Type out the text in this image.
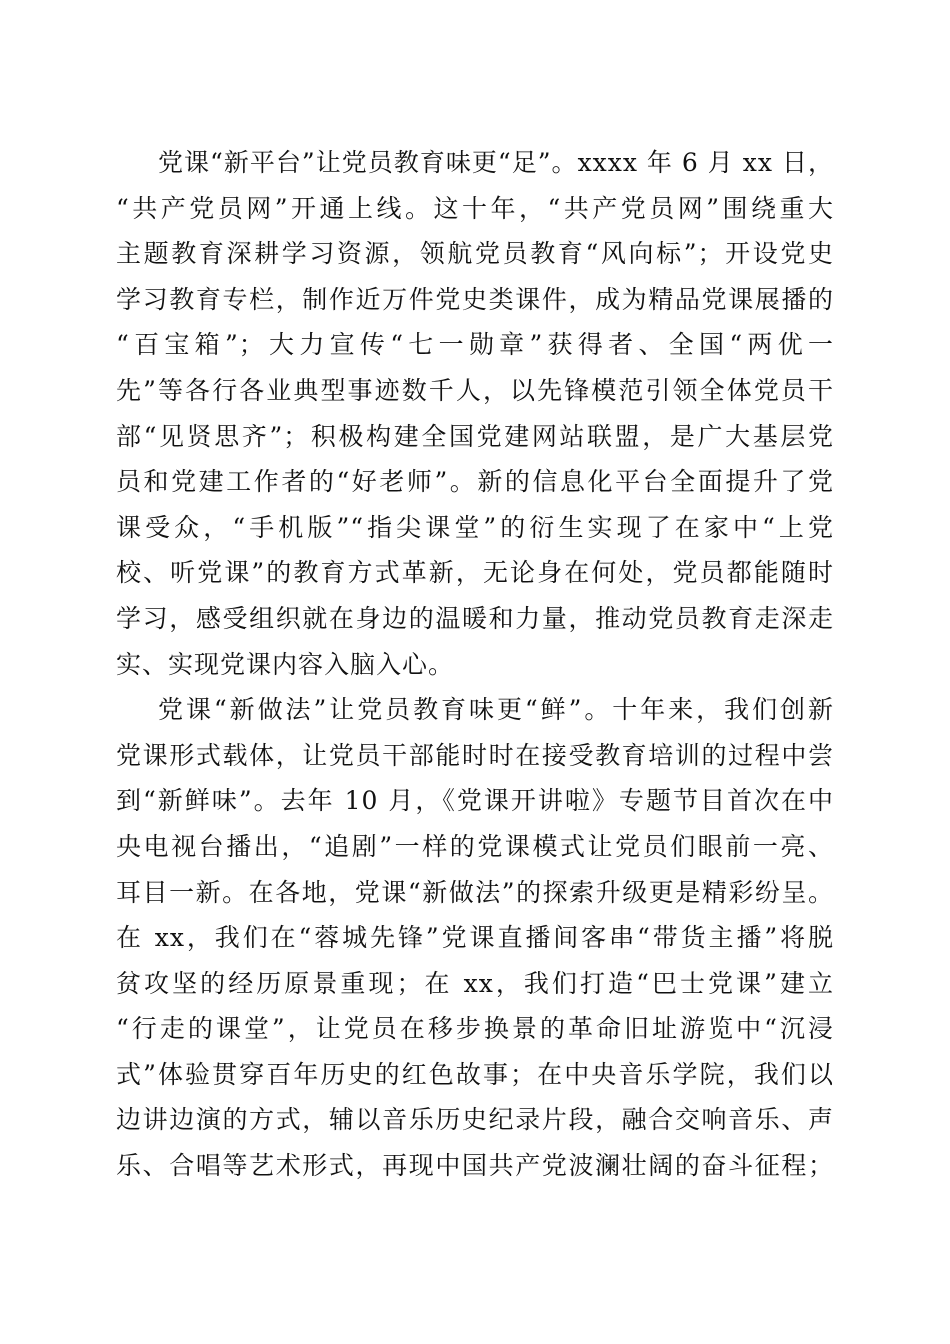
党课“新平台”让党员教育味更“足”。xxxx 年 6 月 xx 日，
“共产党员网”开通上线。这十年，“共产党员网”围绕重大
主题教育深耕学习资源，领航党员教育“风向标”；开设党史
学习教育专栏，制作近万件党史类课件，成为精品党课展播的
“百宝箱”；大力宣传“七一勋章”获得者、全国“两优一
先”等各行各业典型事迹数千人，以先锋模范引领全体党员干
部“见贤思齐”；积极构建全国党建网站联盟，是广大基层党
员和党建工作者的“好老师”。新的信息化平台全面提升了党
课受众，“手机版”“指尖课堂”的衍生实现了在家中“上党
校、听党课”的教育方式革新，无论身在何处，党员都能随时
学习，感受组织就在身边的温暖和力量，推动党员教育走深走
实、实现党课内容入脑入心。
党课“新做法”让党员教育味更“鲜”。十年来，我们创新
党课形式载体，让党员干部能时时在接受教育培训的过程中尝
到“新鲜味”。去年 10 月，《党课开讲啦》专题节目首次在中
央电视台播出，“追剧”一样的党课模式让党员们眼前一亮、
耳目一新。在各地，党课“新做法”的探索升级更是精彩纷呈。
在 xx，我们在“蓉城先锋”党课直播间客串“带货主播”将脱
贫攻坚的经历原景重现；在 xx，我们打造“巴士党课”建立
“行走的课堂”，让党员在移步换景的革命旧址游览中“沉浸
式”体验贯穿百年历史的红色故事；在中央音乐学院，我们以
边讲边演的方式，辅以音乐历史纪录片段，融合交响音乐、声
乐、合唱等艺术形式，再现中国共产党波澜壮阔的奋斗征程；
